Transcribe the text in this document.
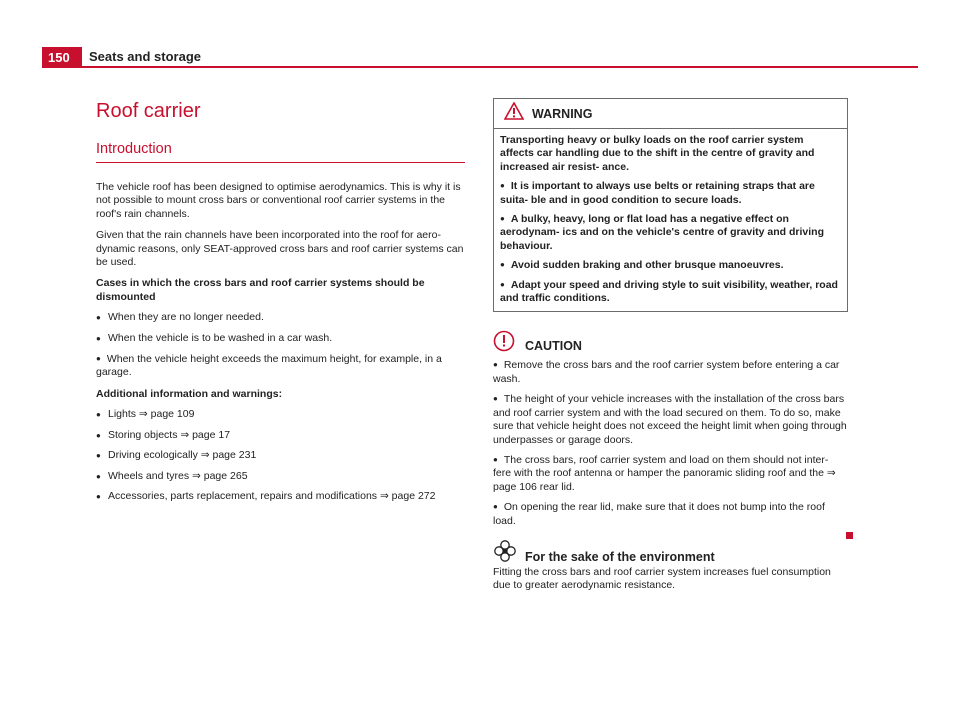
150	Seats and storage
Roof carrier
Introduction

The vehicle roof has been designed to optimise aerodynamics. This is why it is not possible to mount cross bars or conventional roof carrier systems in the roof's rain channels.

Given that the rain channels have been incorporated into the roof for aero- dynamic reasons, only SEAT-approved cross bars and roof carrier systems can be used.

Cases in which the cross bars and roof carrier systems should be dismounted

● When they are no longer needed.
● When the vehicle is to be washed in a car wash.
● When the vehicle height exceeds the maximum height, for example, in a garage.

Additional information and warnings:

● Lights ⇒ page 109
● Storing objects ⇒ page 17
● Driving ecologically ⇒ page 231
● Wheels and tyres ⇒ page 265
● Accessories, parts replacement, repairs and modifications ⇒ page 272
WARNING
Transporting heavy or bulky loads on the roof carrier system affects car handling due to the shift in the centre of gravity and increased air resist- ance.
● It is important to always use belts or retaining straps that are suita- ble and in good condition to secure loads.
● A bulky, heavy, long or flat load has a negative effect on aerodynam- ics and on the vehicle's centre of gravity and driving behaviour.
● Avoid sudden braking and other brusque manoeuvres.
● Adapt your speed and driving style to suit visibility, weather, road and traffic conditions.
CAUTION
● Remove the cross bars and the roof carrier system before entering a car wash.
● The height of your vehicle increases with the installation of the cross bars and roof carrier system and with the load secured on them. To do so, make sure that vehicle height does not exceed the height limit when going through underpasses or garage doors.
● The cross bars, roof carrier system and load on them should not inter- fere with the roof antenna or hamper the panoramic sliding roof and the ⇒ page 106 rear lid.
● On opening the rear lid, make sure that it does not bump into the roof load.
For the sake of the environment

Fitting the cross bars and roof carrier system increases fuel consumption due to greater aerodynamic resistance.
